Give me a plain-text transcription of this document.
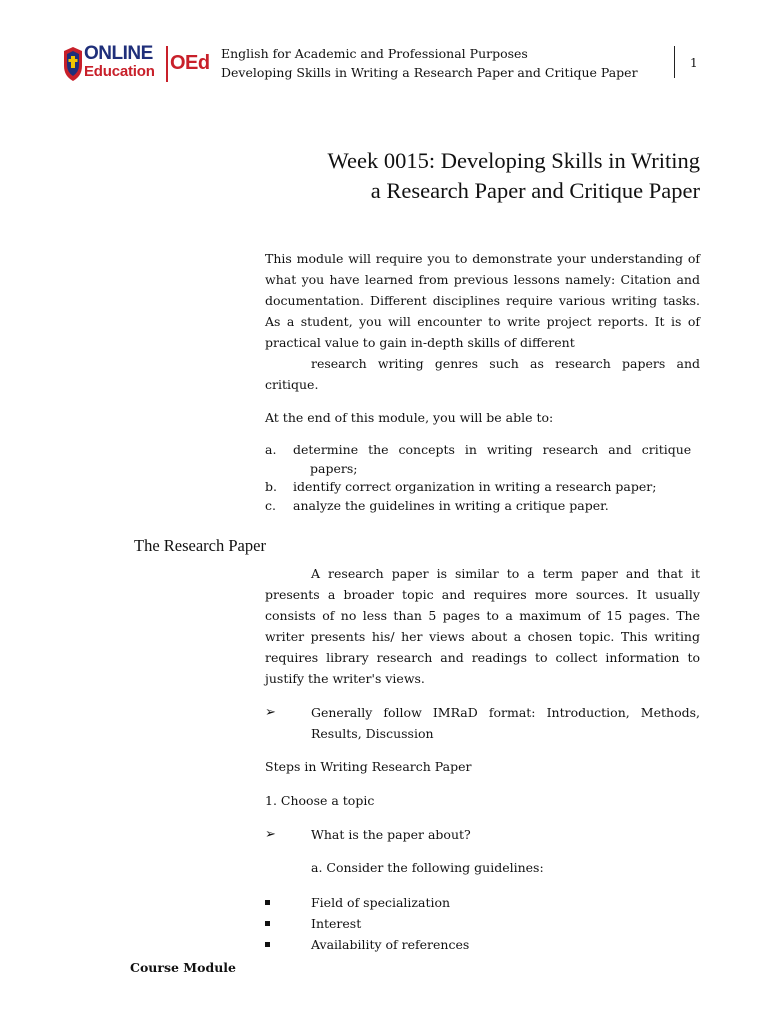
ONLINE
Education OEd English for Academic and Professional Purposes
Developing Skills in Writing a Research Paper and Critique Paper
1
Week 0015: Developing Skills in Writing
a Research Paper and Critique Paper
This module will require you to demonstrate your understanding of what you have learned from previous lessons namely: Citation and documentation. Different disciplines require various writing tasks. As a student, you will encounter to write project reports. It is of practical value to gain in-depth skills of different
research writing genres such as research papers and
critique.

At the end of this module, you will be able to:

a. determine the concepts in writing research and critique
papers;
b. identify correct organization in writing a research paper;
c. analyze the guidelines in writing a critique paper.
The Research Paper

A research paper is similar to a term paper and that it presents a broader topic and requires more sources. It usually consists of no less than 5 pages to a maximum of 15 pages. The writer presents his/ her views about a chosen topic. This writing requires library research and readings to collect information to justify the writer's views.

➢	Generally follow IMRaD format: Introduction, Methods, Results, Discussion

Steps in Writing Research Paper

1. Choose a topic

➢	What is the paper about?

a. Consider the following guidelines:

Field of specialization
Interest
Availability of references
Course Module
